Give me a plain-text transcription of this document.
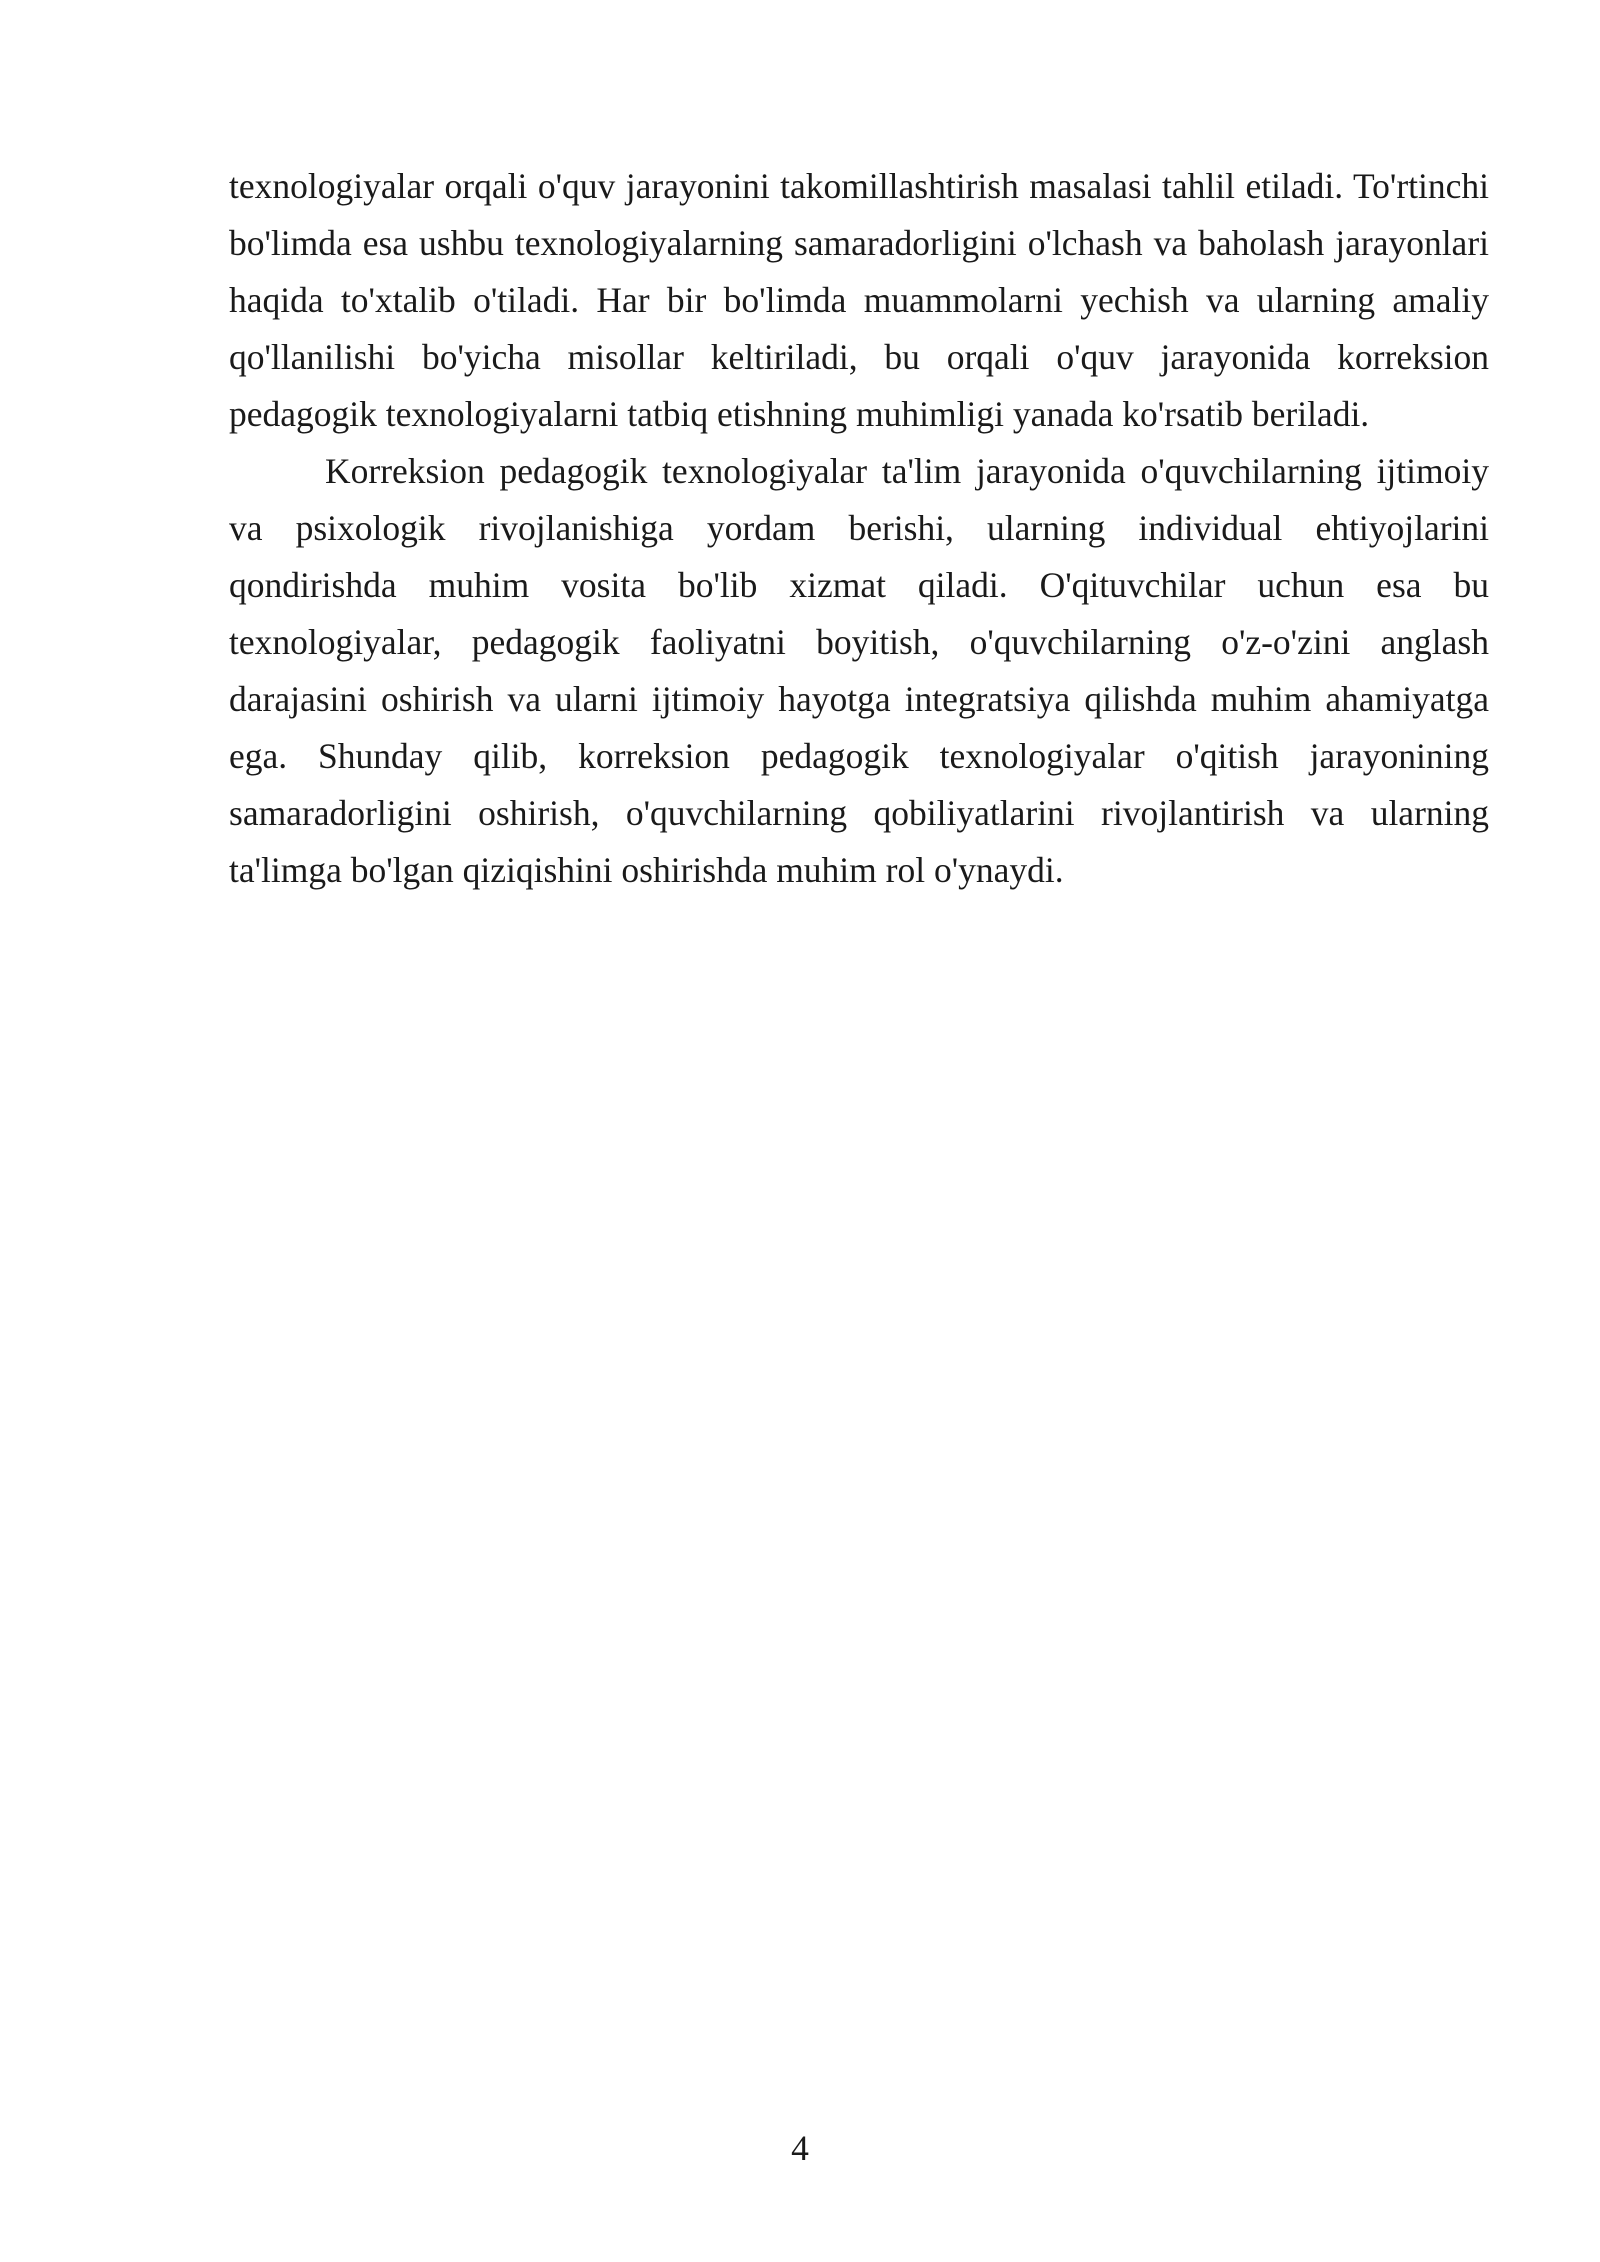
texnologiyalar orqali o'quv jarayonini takomillashtirish masalasi tahlil etiladi. To'rtinchi bo'limda esa ushbu texnologiyalarning samaradorligini o'lchash va baholash jarayonlari haqida to'xtalib o'tiladi. Har bir bo'limda muammolarni yechish va ularning amaliy qo'llanilishi bo'yicha misollar keltiriladi, bu orqali o'quv jarayonida korreksion pedagogik texnologiyalarni tatbiq etishning muhimligi yanada ko'rsatib beriladi.

Korreksion pedagogik texnologiyalar ta'lim jarayonida o'quvchilarning ijtimoiy va psixologik rivojlanishiga yordam berishi, ularning individual ehtiyojlarini qondirishda muhim vosita bo'lib xizmat qiladi. O'qituvchilar uchun esa bu texnologiyalar, pedagogik faoliyatni boyitish, o'quvchilarning o'z-o'zini anglash darajasini oshirish va ularni ijtimoiy hayotga integratsiya qilishda muhim ahamiyatga ega. Shunday qilib, korreksion pedagogik texnologiyalar o'qitish jarayonining samaradorligini oshirish, o'quvchilarning qobiliyatlarini rivojlantirish va ularning ta'limga bo'lgan qiziqishini oshirishda muhim rol o'ynaydi.

4
